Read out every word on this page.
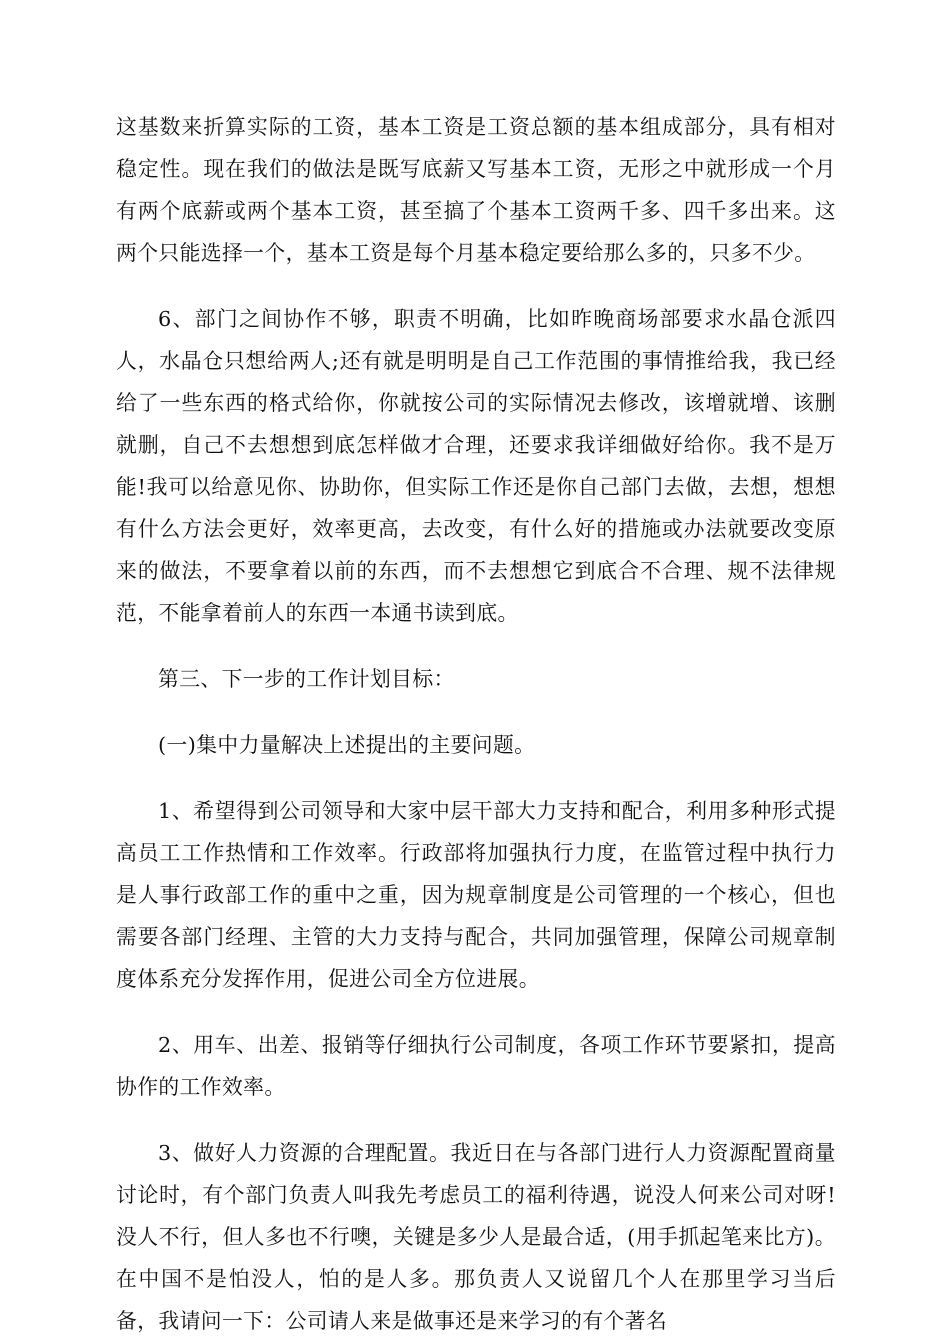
这基数来折算实际的工资，基本工资是工资总额的基本组成部分，具有相对稳定性。现在我们的做法是既写底薪又写基本工资，无形之中就形成一个月有两个底薪或两个基本工资，甚至搞了个基本工资两千多、四千多出来。这两个只能选择一个，基本工资是每个月基本稳定要给那么多的，只多不少。

6、部门之间协作不够，职责不明确，比如昨晚商场部要求水晶仓派四人，水晶仓只想给两人;还有就是明明是自己工作范围的事情推给我，我已经给了一些东西的格式给你，你就按公司的实际情况去修改，该增就增、该删就删，自己不去想想到底怎样做才合理，还要求我详细做好给你。我不是万能!我可以给意见你、协助你，但实际工作还是你自己部门去做，去想，想想有什么方法会更好，效率更高，去改变，有什么好的措施或办法就要改变原来的做法，不要拿着以前的东西，而不去想想它到底合不合理、规不法律规范，不能拿着前人的东西一本通书读到底。

第三、下一步的工作计划目标：

(一)集中力量解决上述提出的主要问题。

1、希望得到公司领导和大家中层干部大力支持和配合，利用多种形式提高员工工作热情和工作效率。行政部将加强执行力度，在监管过程中执行力是人事行政部工作的重中之重，因为规章制度是公司管理的一个核心，但也需要各部门经理、主管的大力支持与配合，共同加强管理，保障公司规章制度体系充分发挥作用，促进公司全方位进展。

2、用车、出差、报销等仔细执行公司制度，各项工作环节要紧扣，提高协作的工作效率。

3、做好人力资源的合理配置。我近日在与各部门进行人力资源配置商量讨论时，有个部门负责人叫我先考虑员工的福利待遇，说没人何来公司对呀!没人不行，但人多也不行噢，关键是多少人是最合适，(用手抓起笔来比方)。在中国不是怕没人，怕的是人多。那负责人又说留几个人在那里学习当后备，我请问一下：公司请人来是做事还是来学习的有个著名
